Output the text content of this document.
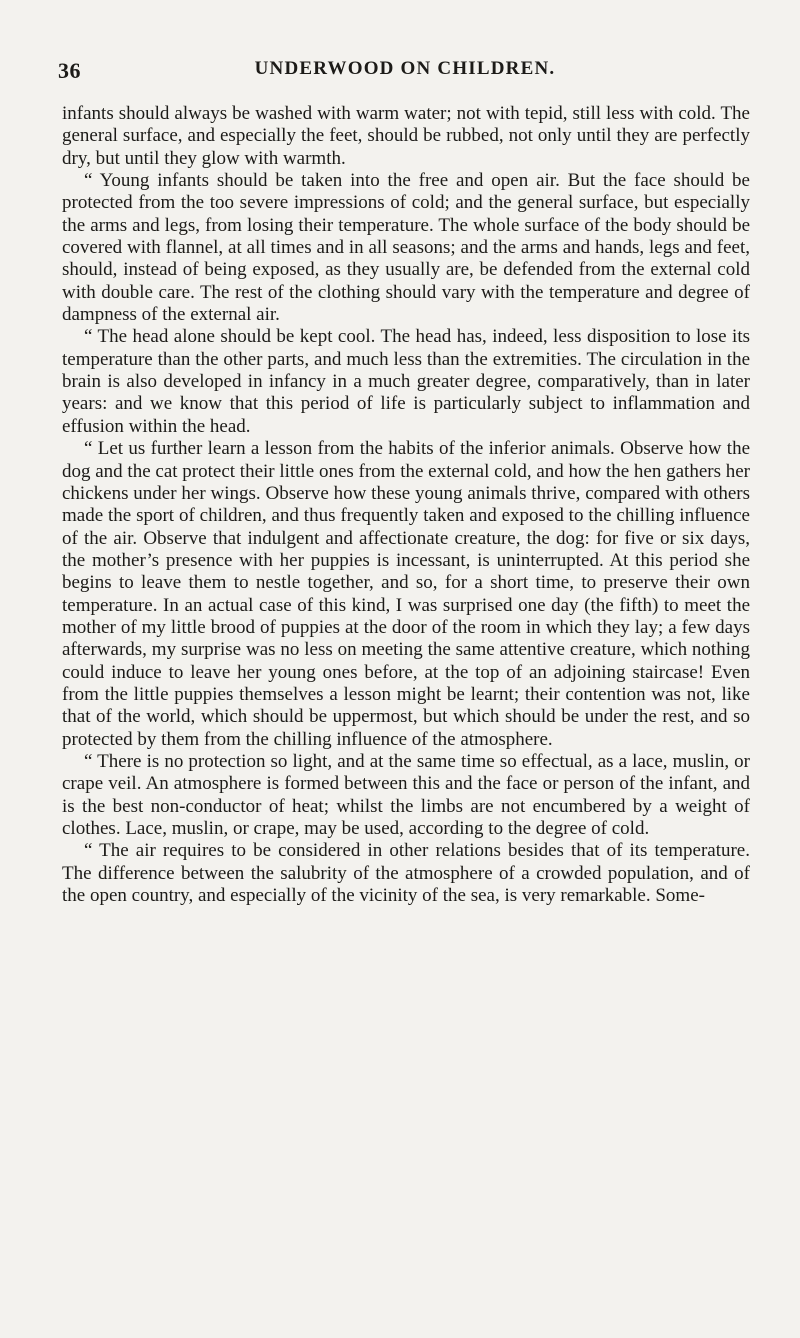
36	UNDERWOOD ON CHILDREN.

infants should always be washed with warm water; not with tepid, still less with cold. The general surface, and especially the feet, should be rubbed, not only until they are perfectly dry, but until they glow with warmth.

“ Young infants should be taken into the free and open air. But the face should be protected from the too severe impressions of cold; and the general surface, but especially the arms and legs, from losing their temperature. The whole surface of the body should be covered with flannel, at all times and in all seasons; and the arms and hands, legs and feet, should, instead of being exposed, as they usually are, be defended from the external cold with double care. The rest of the clothing should vary with the temperature and degree of dampness of the external air.

“ The head alone should be kept cool. The head has, indeed, less disposition to lose its temperature than the other parts, and much less than the extremities. The circulation in the brain is also developed in infancy in a much greater degree, comparatively, than in later years: and we know that this period of life is particularly subject to inflammation and effusion within the head.

“ Let us further learn a lesson from the habits of the inferior animals. Observe how the dog and the cat protect their little ones from the external cold, and how the hen gathers her chickens under her wings. Observe how these young animals thrive, compared with others made the sport of children, and thus frequently taken and exposed to the chilling influence of the air. Observe that indulgent and affectionate creature, the dog: for five or six days, the mother’s presence with her puppies is incessant, is uninterrupted. At this period she begins to leave them to nestle together, and so, for a short time, to preserve their own temperature. In an actual case of this kind, I was surprised one day (the fifth) to meet the mother of my little brood of puppies at the door of the room in which they lay; a few days afterwards, my surprise was no less on meeting the same attentive creature, which nothing could induce to leave her young ones before, at the top of an adjoining staircase! Even from the little puppies themselves a lesson might be learnt; their contention was not, like that of the world, which should be uppermost, but which should be under the rest, and so protected by them from the chilling influence of the atmosphere.

“ There is no protection so light, and at the same time so effectual, as a lace, muslin, or crape veil. An atmosphere is formed between this and the face or person of the infant, and is the best non-conductor of heat; whilst the limbs are not encumbered by a weight of clothes. Lace, muslin, or crape, may be used, according to the degree of cold.

“ The air requires to be considered in other relations besides that of its temperature. The difference between the salubrity of the atmosphere of a crowded population, and of the open country, and especially of the vicinity of the sea, is very remarkable. Some-
